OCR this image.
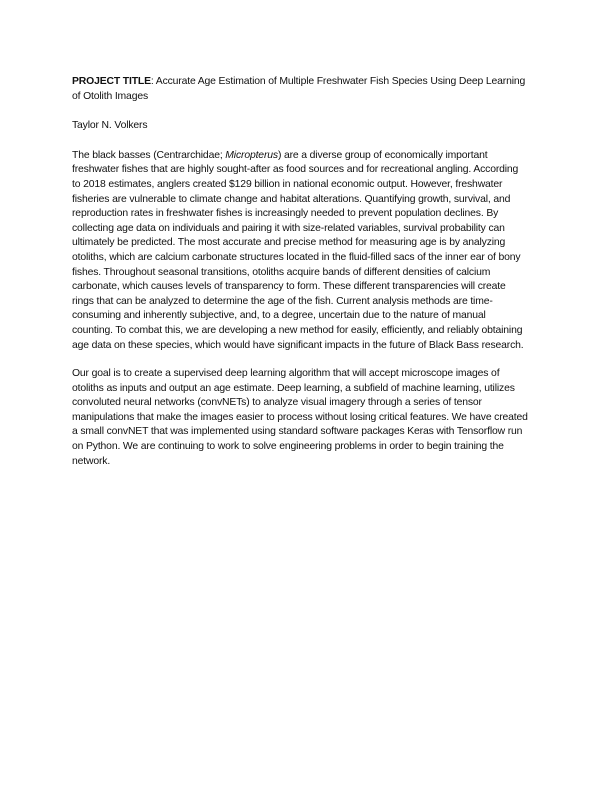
PROJECT TITLE: Accurate Age Estimation of Multiple Freshwater Fish Species Using Deep Learning of Otolith Images

Taylor N. Volkers

The black basses (Centrarchidae; Micropterus) are a diverse group of economically important freshwater fishes that are highly sought-after as food sources and for recreational angling. According to 2018 estimates, anglers created $129 billion in national economic output. However, freshwater fisheries are vulnerable to climate change and habitat alterations. Quantifying growth, survival, and reproduction rates in freshwater fishes is increasingly needed to prevent population declines. By collecting age data on individuals and pairing it with size-related variables, survival probability can ultimately be predicted. The most accurate and precise method for measuring age is by analyzing otoliths, which are calcium carbonate structures located in the fluid-filled sacs of the inner ear of bony fishes. Throughout seasonal transitions, otoliths acquire bands of different densities of calcium carbonate, which causes levels of transparency to form. These different transparencies will create rings that can be analyzed to determine the age of the fish. Current analysis methods are time-consuming and inherently subjective, and, to a degree, uncertain due to the nature of manual counting. To combat this, we are developing a new method for easily, efficiently, and reliably obtaining age data on these species, which would have significant impacts in the future of Black Bass research.

Our goal is to create a supervised deep learning algorithm that will accept microscope images of otoliths as inputs and output an age estimate. Deep learning, a subfield of machine learning, utilizes convoluted neural networks (convNETs) to analyze visual imagery through a series of tensor manipulations that make the images easier to process without losing critical features. We have created a small convNET that was implemented using standard software packages Keras with Tensorflow run on Python. We are continuing to work to solve engineering problems in order to begin training the network.
